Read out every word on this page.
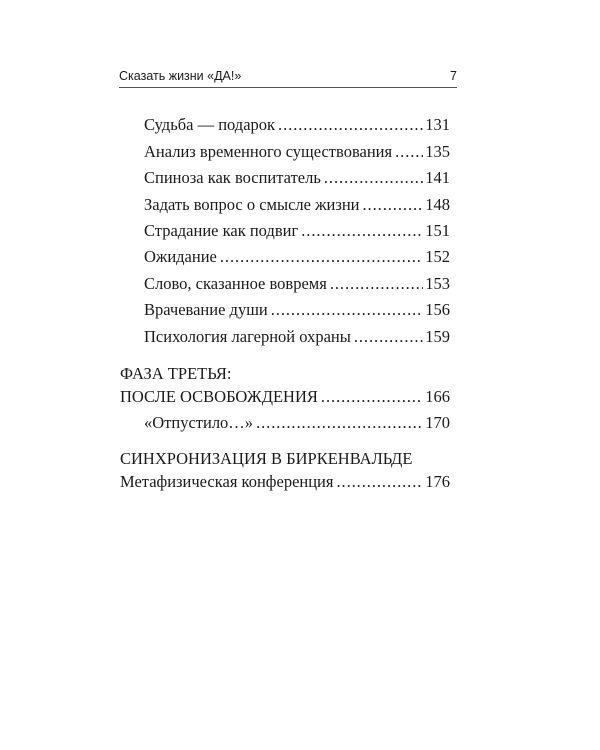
Сказать жизни «ДА!»	7
Судьба — подарок . . .	131
Анализ временного существования . . . 135
Спиноза как воспитатель . . .	141
Задать вопрос о смысле жизни . . .	148
Страдание как подвиг . . .	151
Ожидание . . .	152
Слово, сказанное вовремя . . .	153
Врачевание души . . .	156
Психология лагерной охраны . . .	159
ФАЗА ТРЕТЬЯ:
ПОСЛЕ ОСВОБОЖДЕНИЯ . . .	166
«Отпустило…» . . .	170
СИНХРОНИЗАЦИЯ В БИРКЕНВАЛЬДЕ
Метафизическая конференция . . .	176
